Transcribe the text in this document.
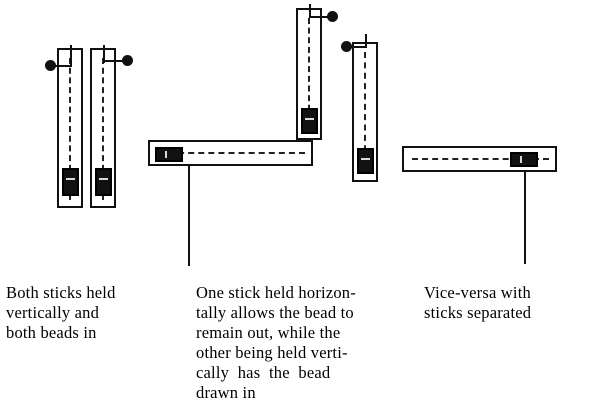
Both sticks held
vertically and
both beads in
One stick held horizon-
tally allows the bead to
remain out, while the
other being held verti-
cally  has  the  bead
drawn in
Vice-versa with
sticks separated
